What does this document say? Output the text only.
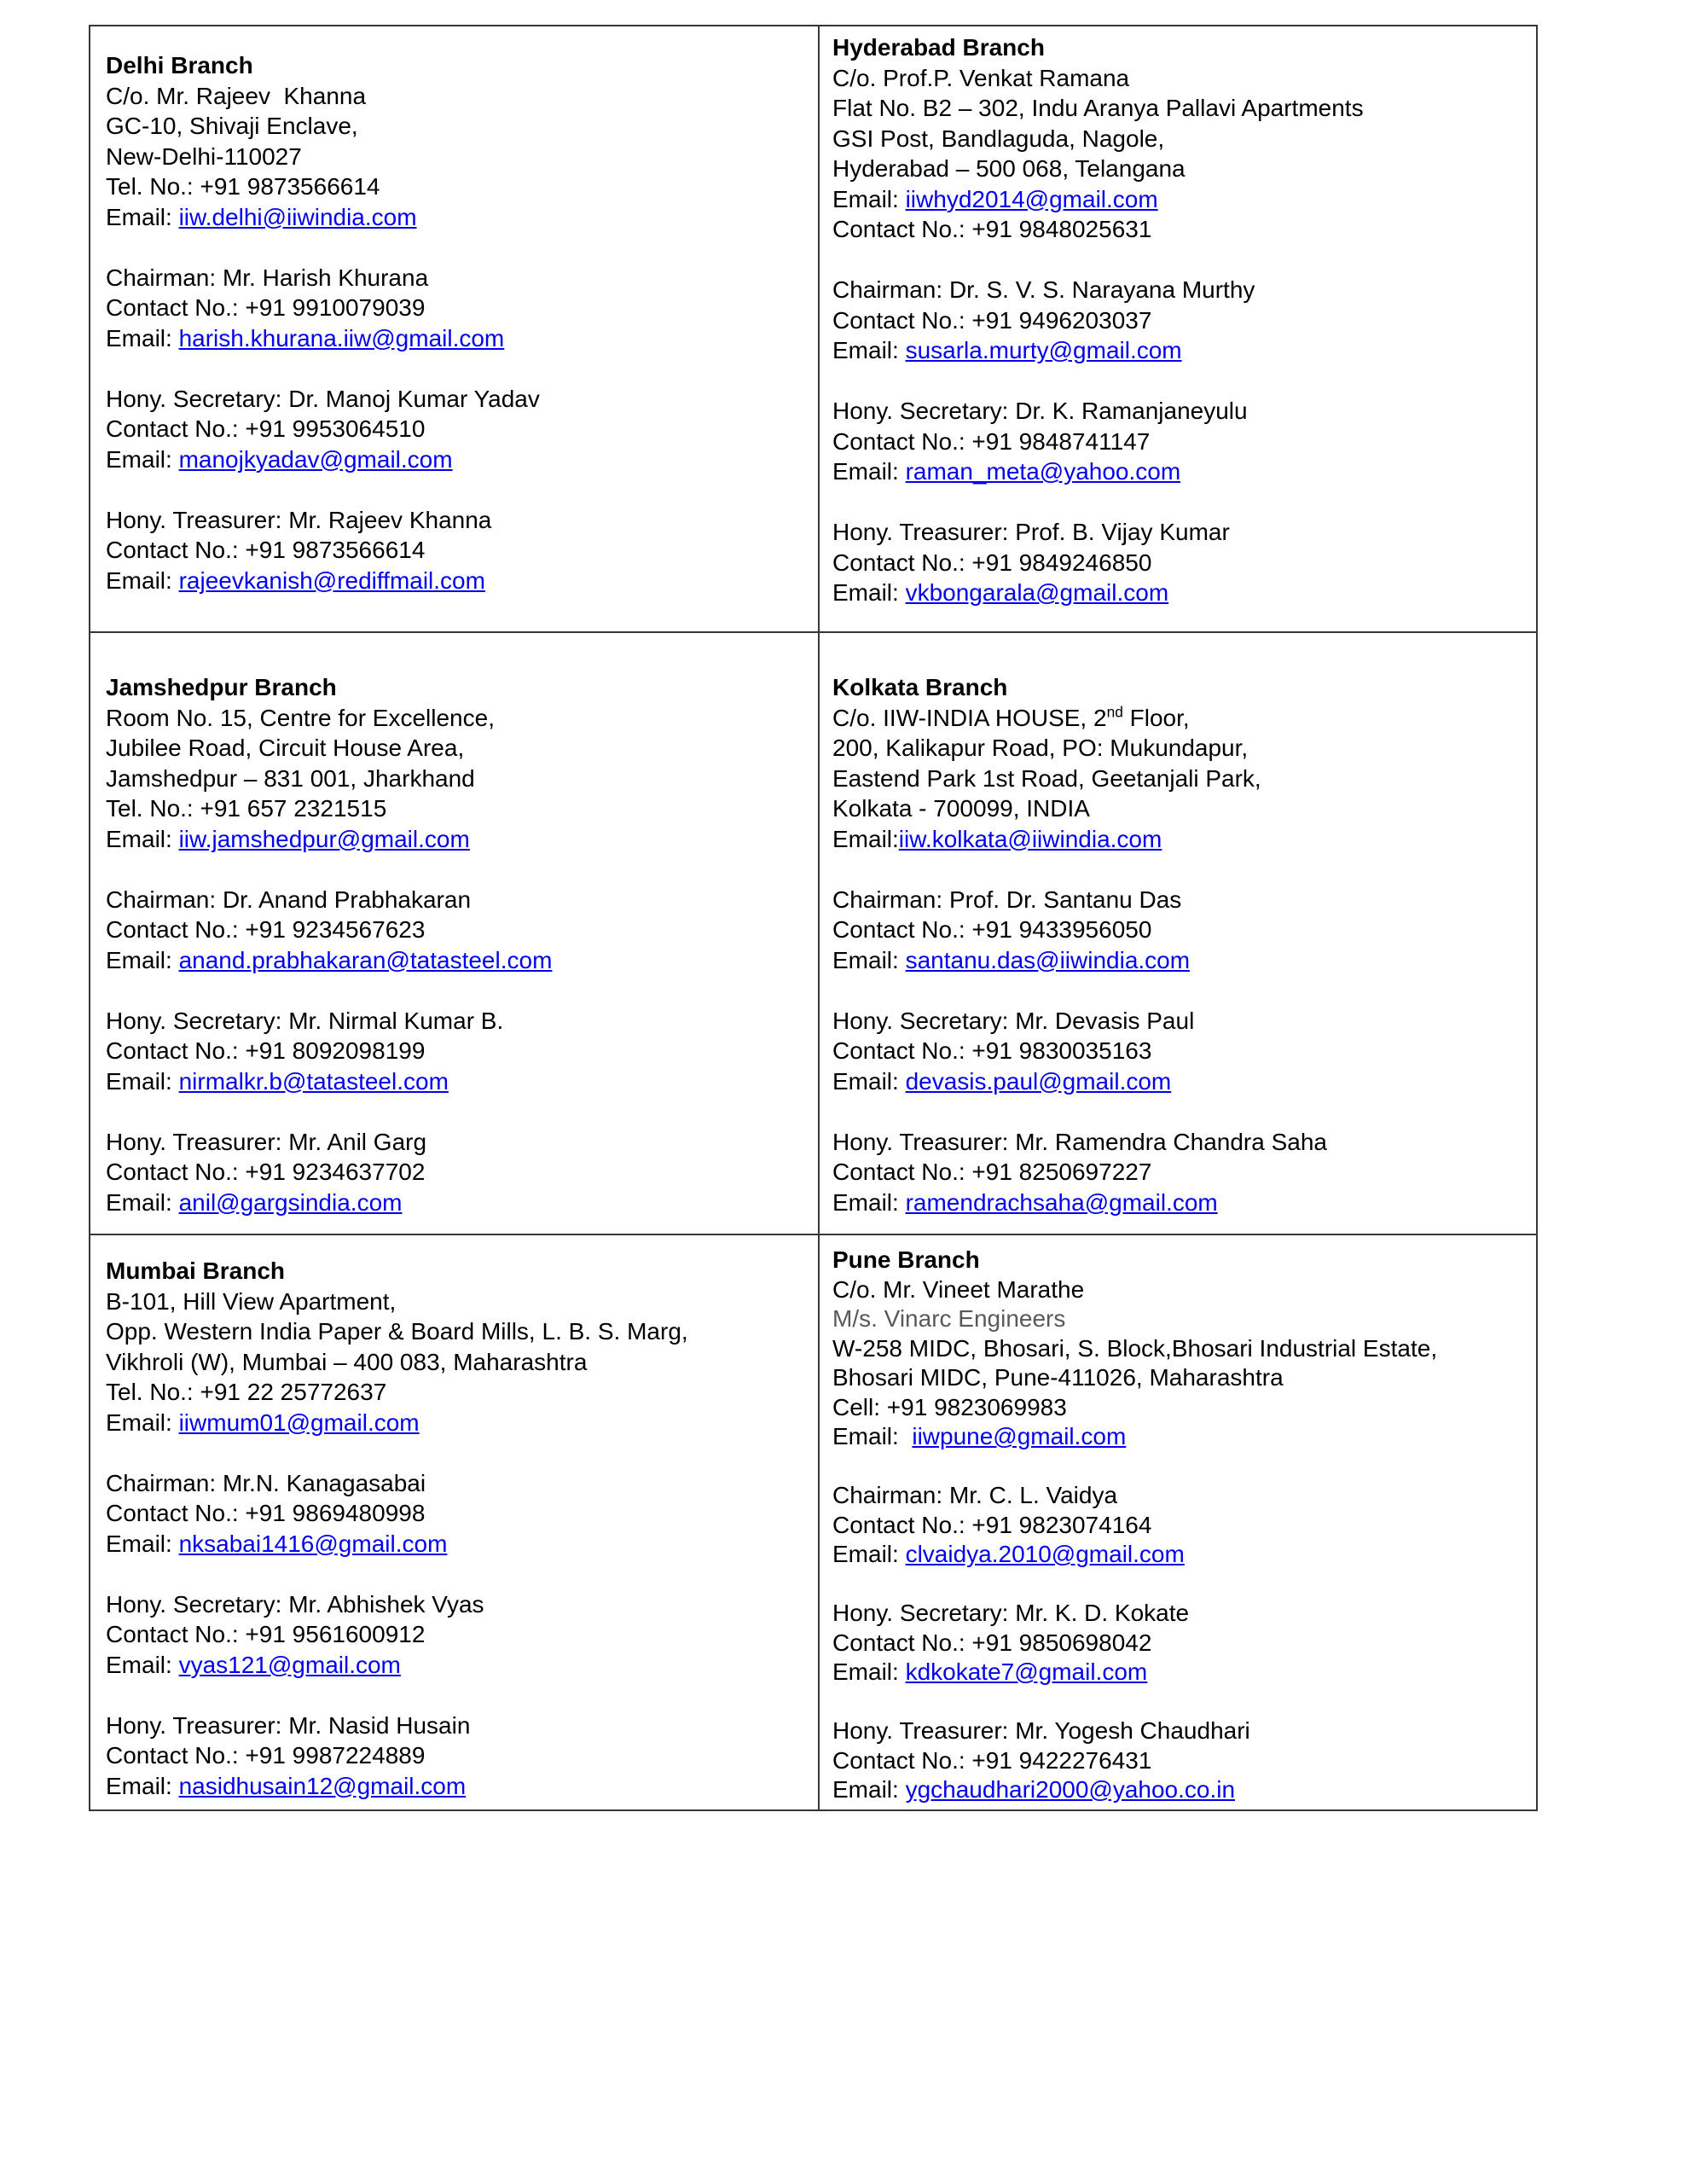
Delhi Branch
C/o. Mr. Rajeev  Khanna
GC-10, Shivaji Enclave,
New-Delhi-110027
Tel. No.: +91 9873566614
Email: iiw.delhi@iiwindia.com
Chairman: Mr. Harish Khurana
Contact No.: +91 9910079039
Email: harish.khurana.iiw@gmail.com
Hony. Secretary: Dr. Manoj Kumar Yadav
Contact No.: +91 9953064510
Email: manojkyadav@gmail.com
Hony. Treasurer: Mr. Rajeev Khanna
Contact No.: +91 9873566614
Email: rajeevkanish@rediffmail.com
Hyderabad Branch
C/o. Prof.P. Venkat Ramana
Flat No. B2 – 302, Indu Aranya Pallavi Apartments
GSI Post, Bandlaguda, Nagole,
Hyderabad – 500 068, Telangana
Email: iiwhyd2014@gmail.com
Contact No.: +91 9848025631
Chairman: Dr. S. V. S. Narayana Murthy
Contact No.: +91 9496203037
Email: susarla.murty@gmail.com
Hony. Secretary: Dr. K. Ramanjaneyulu
Contact No.: +91 9848741147
Email: raman_meta@yahoo.com
Hony. Treasurer: Prof. B. Vijay Kumar
Contact No.: +91 9849246850
Email: vkbongarala@gmail.com
Jamshedpur Branch
Room No. 15, Centre for Excellence,
Jubilee Road, Circuit House Area,
Jamshedpur – 831 001, Jharkhand
Tel. No.: +91 657 2321515
Email: iiw.jamshedpur@gmail.com
Chairman: Dr. Anand Prabhakaran
Contact No.: +91 9234567623
Email: anand.prabhakaran@tatasteel.com
Hony. Secretary: Mr. Nirmal Kumar B.
Contact No.: +91 8092098199
Email: nirmalkr.b@tatasteel.com
Hony. Treasurer: Mr. Anil Garg
Contact No.: +91 9234637702
Email: anil@gargsindia.com
Kolkata Branch
C/o. IIW-INDIA HOUSE, 2nd Floor,
200, Kalikapur Road, PO: Mukundapur,
Eastend Park 1st Road, Geetanjali Park,
Kolkata - 700099, INDIA
Email:iiw.kolkata@iiwindia.com
Chairman: Prof. Dr. Santanu Das
Contact No.: +91 9433956050
Email: santanu.das@iiwindia.com
Hony. Secretary: Mr. Devasis Paul
Contact No.: +91 9830035163
Email: devasis.paul@gmail.com
Hony. Treasurer: Mr. Ramendra Chandra Saha
Contact No.: +91 8250697227
Email: ramendrachsaha@gmail.com
Mumbai Branch
B-101, Hill View Apartment,
Opp. Western India Paper & Board Mills, L. B. S. Marg,
Vikhroli (W), Mumbai – 400 083, Maharashtra
Tel. No.: +91 22 25772637
Email: iiwmum01@gmail.com
Chairman: Mr.N. Kanagasabai
Contact No.: +91 9869480998
Email: nksabai1416@gmail.com
Hony. Secretary: Mr. Abhishek Vyas
Contact No.: +91 9561600912
Email: vyas121@gmail.com
Hony. Treasurer: Mr. Nasid Husain
Contact No.: +91 9987224889
Email: nasidhusain12@gmail.com
Pune Branch
C/o. Mr. Vineet Marathe
M/s. Vinarc Engineers
W-258 MIDC, Bhosari, S. Block,Bhosari Industrial Estate,
Bhosari MIDC, Pune-411026, Maharashtra
Cell: +91 9823069983
Email:  iiwpune@gmail.com
Chairman: Mr. C. L. Vaidya
Contact No.: +91 9823074164
Email: clvaidya.2010@gmail.com
Hony. Secretary: Mr. K. D. Kokate
Contact No.: +91 9850698042
Email: kdkokate7@gmail.com
Hony. Treasurer: Mr. Yogesh Chaudhari
Contact No.: +91 9422276431
Email: ygchaudhari2000@yahoo.co.in
